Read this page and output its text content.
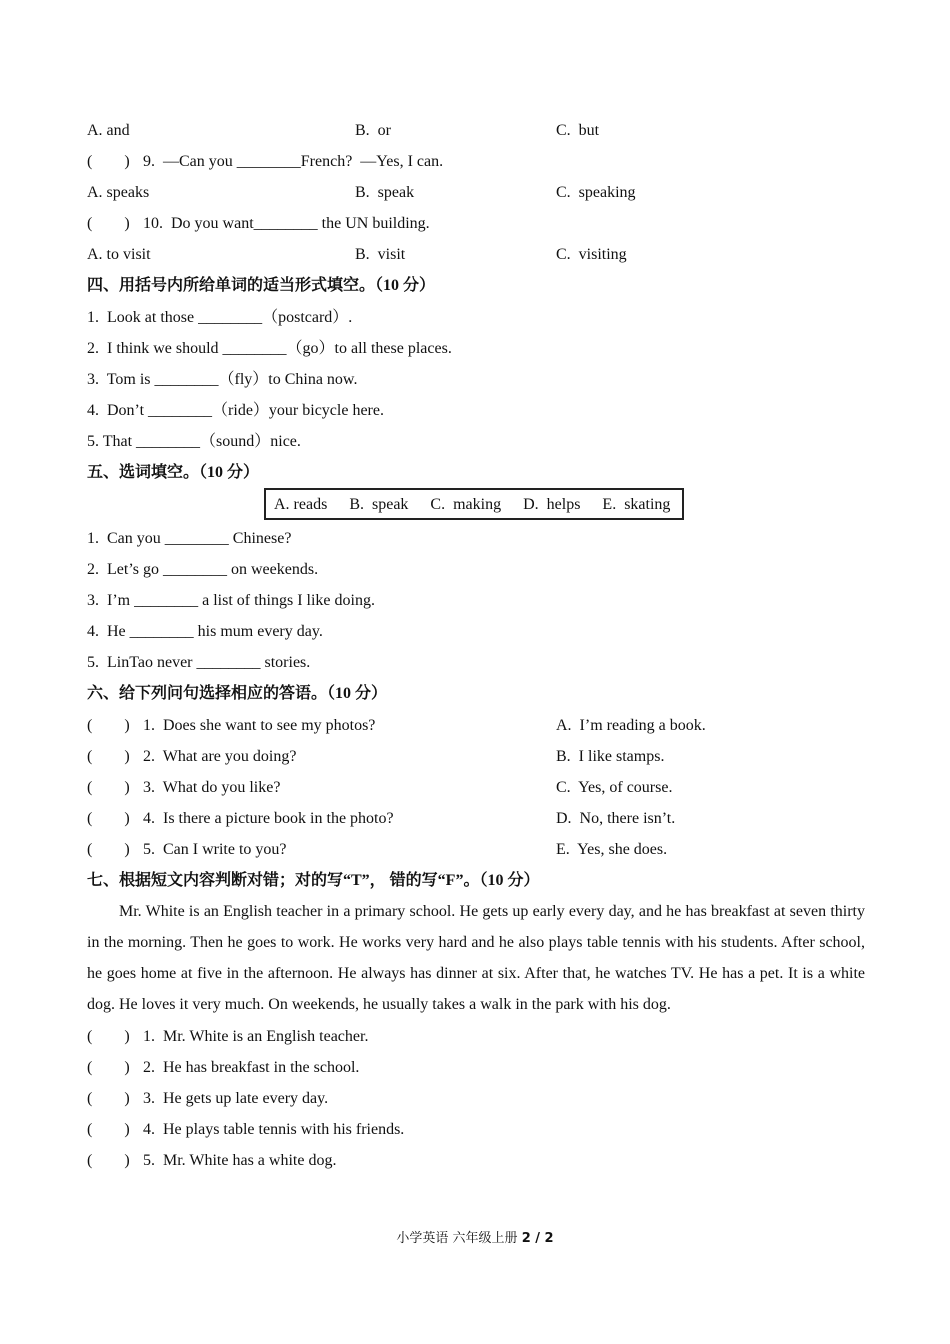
A. and	B.  or	C.  but
(        ) 9.  —Can you ________French?  —Yes, I can.
A. speaks	B.  speak	C.  speaking
(        ) 10.  Do you want________ the UN building.
A. to visit	B.  visit	C.  visiting
四、用括号内所给单词的适当形式填空。（10 分）
1.  Look at those ________（postcard）.
2.  I think we should ________（go）to all these places.
3.  Tom is ________（fly）to China now.
4.  Don’t ________（ride）your bicycle here.
5. That ________（sound）nice.
五、选词填空。（10 分）
A. reads B.  speak C.  making D.  helps E.  skating
1.  Can you ________ Chinese?
2.  Let’s go ________ on weekends.
3.  I’m ________ a list of things I like doing.
4.  He ________ his mum every day.
5.  LinTao never ________ stories.
六、给下列问句选择相应的答语。（10 分）
(        ) 1.  Does she want to see my photos?	A.  I’m reading a book.
(        ) 2.  What are you doing?	B.  I like stamps.
(        ) 3.  What do you like?	C.  Yes, of course.
(        ) 4.  Is there a picture book in the photo?	D.  No, there isn’t.
(        ) 5.  Can I write to you?	E.  Yes, she does.
七、根据短文内容判断对错；对的写“T”， 错的写“F”。（10 分）
Mr. White is an English teacher in a primary school. He gets up early every day, and he has breakfast at seven thirty in the morning. Then he goes to work. He works very hard and he also plays table tennis with his students. After school, he goes home at five in the afternoon. He always has dinner at six. After that, he watches TV. He has a pet. It is a white dog. He loves it very much. On weekends, he usually takes a walk in the park with his dog.
(        ) 1.  Mr. White is an English teacher.
(        ) 2.  He has breakfast in the school.
(        ) 3.  He gets up late every day.
(        ) 4.  He plays table tennis with his friends.
(        ) 5.  Mr. White has a white dog.
小学英语 六年级上册 2 / 2
